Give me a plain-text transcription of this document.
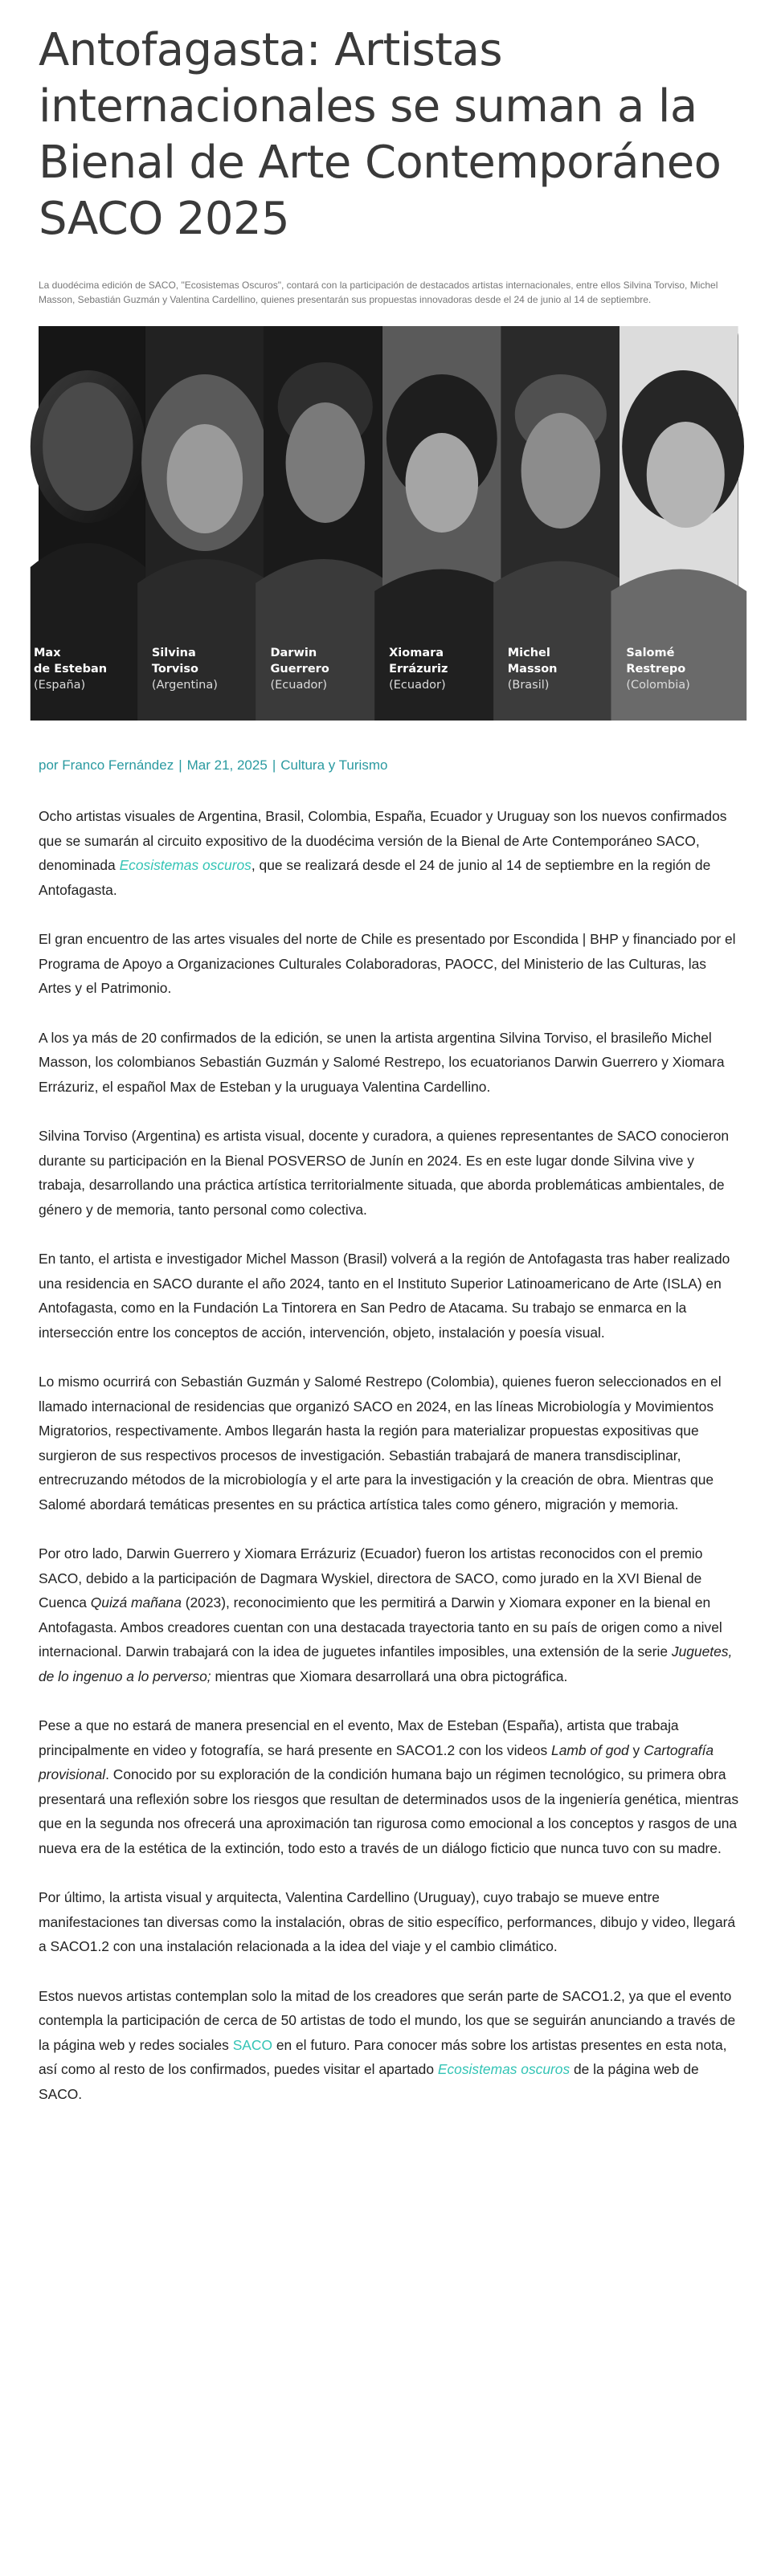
Antofagasta: Artistas internacionales se suman a la Bienal de Arte Contemporáneo SACO 2025

La duodécima edición de SACO, "Ecosistemas Oscuros", contará con la participación de destacados artistas internacionales, entre ellos Silvina Torviso, Michel Masson, Sebastián Guzmán y Valentina Cardellino, quienes presentarán sus propuestas innovadoras desde el 24 de junio al 14 de septiembre.

Max
de Esteban
(España)
Silvina
Torviso
(Argentina)
Darwin
Guerrero
(Ecuador)
Xiomara
Errázuriz
(Ecuador)
Michel
Masson
(Brasil)
Salomé
Restrepo
(Colombia)
por Franco Fernández | Mar 21, 2025 | Cultura y Turismo

Ocho artistas visuales de Argentina, Brasil, Colombia, España, Ecuador y Uruguay son los nuevos confirmados que se sumarán al circuito expositivo de la duodécima versión de la Bienal de Arte Contemporáneo SACO, denominada Ecosistemas oscuros, que se realizará desde el 24 de junio al 14 de septiembre en la región de Antofagasta.

El gran encuentro de las artes visuales del norte de Chile es presentado por Escondida | BHP y financiado por el Programa de Apoyo a Organizaciones Culturales Colaboradoras, PAOCC, del Ministerio de las Culturas, las Artes y el Patrimonio.

A los ya más de 20 confirmados de la edición, se unen la artista argentina Silvina Torviso, el brasileño Michel Masson, los colombianos Sebastián Guzmán y Salomé Restrepo, los ecuatorianos Darwin Guerrero y Xiomara Errázuriz, el español Max de Esteban y la uruguaya Valentina Cardellino.

Silvina Torviso (Argentina) es artista visual, docente y curadora, a quienes representantes de SACO conocieron durante su participación en la Bienal POSVERSO de Junín en 2024. Es en este lugar donde Silvina vive y trabaja, desarrollando una práctica artística territorialmente situada, que aborda problemáticas ambientales, de género y de memoria, tanto personal como colectiva.

En tanto, el artista e investigador Michel Masson (Brasil) volverá a la región de Antofagasta tras haber realizado una residencia en SACO durante el año 2024, tanto en el Instituto Superior Latinoamericano de Arte (ISLA) en Antofagasta, como en la Fundación La Tintorera en San Pedro de Atacama. Su trabajo se enmarca en la intersección entre los conceptos de acción, intervención, objeto, instalación y poesía visual.

Lo mismo ocurrirá con Sebastián Guzmán y Salomé Restrepo (Colombia), quienes fueron seleccionados en el llamado internacional de residencias que organizó SACO en 2024, en las líneas Microbiología y Movimientos Migratorios, respectivamente. Ambos llegarán hasta la región para materializar propuestas expositivas que surgieron de sus respectivos procesos de investigación. Sebastián trabajará de manera transdisciplinar, entrecruzando métodos de la microbiología y el arte para la investigación y la creación de obra. Mientras que Salomé abordará temáticas presentes en su práctica artística tales como género, migración y memoria.

Por otro lado, Darwin Guerrero y Xiomara Errázuriz (Ecuador) fueron los artistas reconocidos con el premio SACO, debido a la participación de Dagmara Wyskiel, directora de SACO, como jurado en la XVI Bienal de Cuenca Quizá mañana (2023), reconocimiento que les permitirá a Darwin y Xiomara exponer en la bienal en Antofagasta. Ambos creadores cuentan con una destacada trayectoria tanto en su país de origen como a nivel internacional. Darwin trabajará con la idea de juguetes infantiles imposibles, una extensión de la serie Juguetes, de lo ingenuo a lo perverso; mientras que Xiomara desarrollará una obra pictográfica.

Pese a que no estará de manera presencial en el evento, Max de Esteban (España), artista que trabaja principalmente en video y fotografía, se hará presente en SACO1.2 con los videos Lamb of god y Cartografía provisional. Conocido por su exploración de la condición humana bajo un régimen tecnológico, su primera obra presentará una reflexión sobre los riesgos que resultan de determinados usos de la ingeniería genética, mientras que en la segunda nos ofrecerá una aproximación tan rigurosa como emocional a los conceptos y rasgos de una nueva era de la estética de la extinción, todo esto a través de un diálogo ficticio que nunca tuvo con su madre.

Por último, la artista visual y arquitecta, Valentina Cardellino (Uruguay), cuyo trabajo se mueve entre manifestaciones tan diversas como la instalación, obras de sitio específico, performances, dibujo y video, llegará a SACO1.2 con una instalación relacionada a la idea del viaje y el cambio climático.

Estos nuevos artistas contemplan solo la mitad de los creadores que serán parte de SACO1.2, ya que el evento contempla la participación de cerca de 50 artistas de todo el mundo, los que se seguirán anunciando a través de la página web y redes sociales SACO en el futuro. Para conocer más sobre los artistas presentes en esta nota, así como al resto de los confirmados, puedes visitar el apartado Ecosistemas oscuros de la página web de SACO.
